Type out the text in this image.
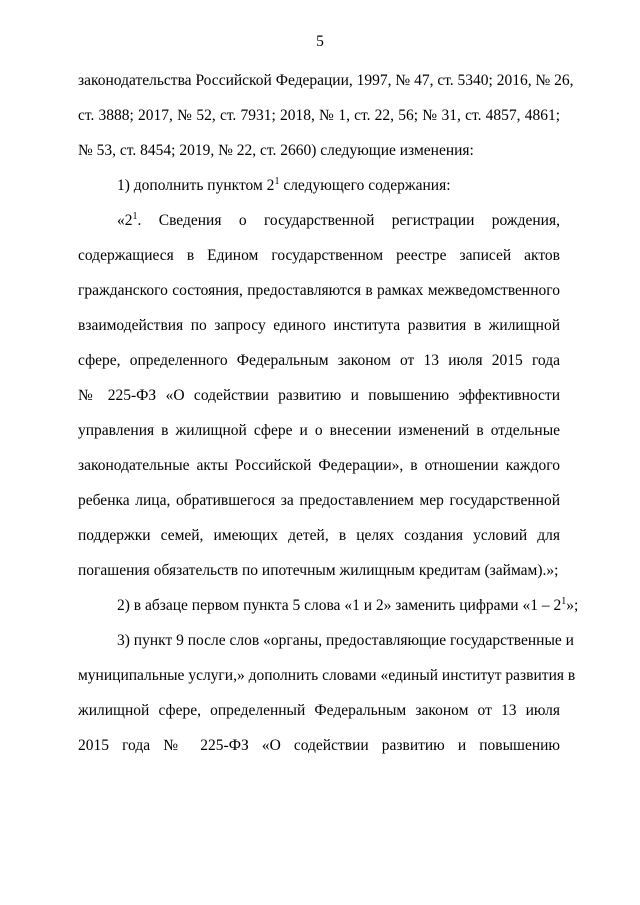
5
законодательства Российской Федерации, 1997, № 47, ст. 5340; 2016, № 26,
ст. 3888; 2017, № 52, ст. 7931; 2018, № 1, ст. 22, 56; № 31, ст. 4857, 4861;
№ 53, ст. 8454; 2019, № 22, ст. 2660) следующие изменения:
1) дополнить пунктом $2^1$ следующего содержания:
«$2^1$. Сведения о государственной регистрации рождения,
содержащиеся в Едином государственном реестре записей актов
гражданского состояния, предоставляются в рамках межведомственного
взаимодействия по запросу единого института развития в жилищной
сфере, определенного Федеральным законом от 13 июля 2015 года
№ 225-ФЗ «О содействии развитию и повышению эффективности
управления в жилищной сфере и о внесении изменений в отдельные
законодательные акты Российской Федерации», в отношении каждого
ребенка лица, обратившегося за предоставлением мер государственной
поддержки семей, имеющих детей, в целях создания условий для
погашения обязательств по ипотечным жилищным кредитам (займам).»;
2) в абзаце первом пункта 5 слова «1 и 2» заменить цифрами «$1 - 2^1$»;
3) пункт 9 после слов «органы, предоставляющие государственные и
муниципальные услуги,» дополнить словами «единый институт развития в
жилищной сфере, определенный Федеральным законом от 13 июля
2015 года № 225-ФЗ «О содействии развитию и повышению
